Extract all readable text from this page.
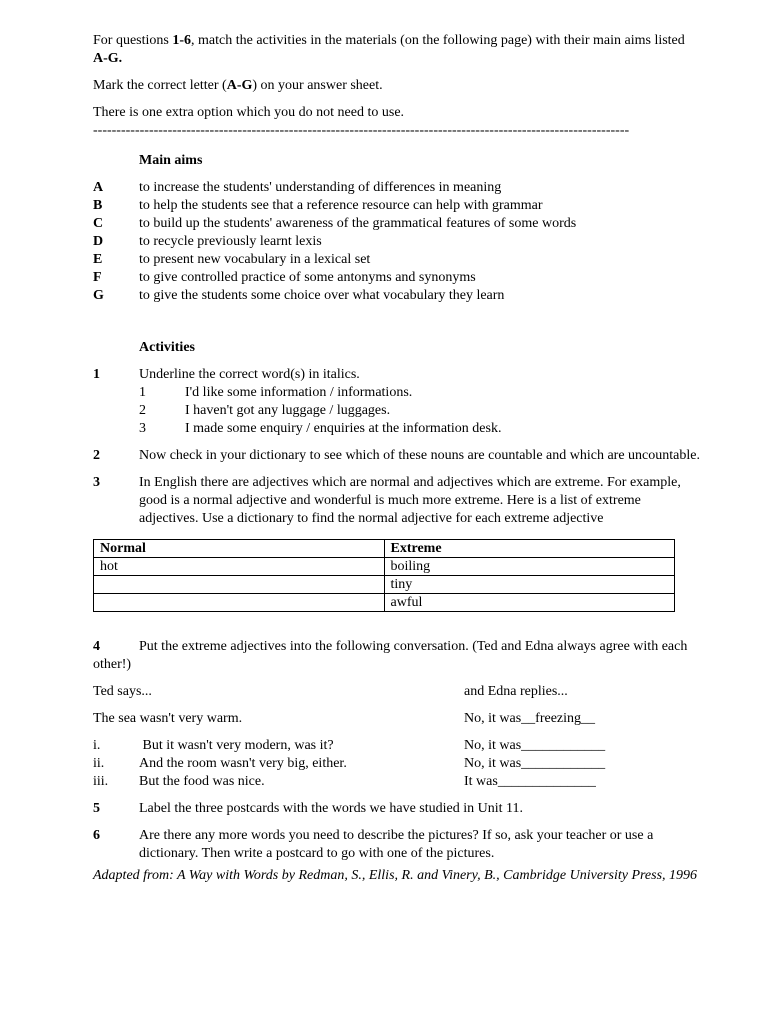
For questions 1-6, match the activities in the materials (on the following page) with their main aims listed A-G.

Mark the correct letter (A-G) on your answer sheet.

There is one extra option which you do not need to use.

-------------------------------------------------------------------------------------------------------------------

Main aims

A	to increase the students' understanding of differences in meaning
B	to help the students see that a reference resource can help with grammar
C	to build up the students' awareness of the grammatical features of some words
D	to recycle previously learnt lexis
E	to present new vocabulary in a lexical set
F	to give controlled practice of some antonyms and synonyms
G	to give the students some choice over what vocabulary they learn

Activities

1	Underline the correct word(s) in italics.

1	I'd like some information / informations.
2	I haven't got any luggage / luggages.
3	I made some enquiry / enquiries at the information desk.
2	Now check in your dictionary to see which of these nouns are countable and which are uncountable.

3	In English there are adjectives which are normal and adjectives which are extreme. For example, good is a normal adjective and wonderful is much more extreme. Here is a list of extreme adjectives. Use a dictionary to find the normal adjective for each extreme adjective

Normal	Extreme
hot	boiling
	tiny
	awful

4	Put the extreme adjectives into the following conversation. (Ted and Edna always agree with each other!)

Ted says...	and Edna replies...
The sea wasn't very warm.	No, it was__freezing__
i.	But it wasn't very modern, was it?	No, it was____________
ii.	And the room wasn't very big, either.	No, it was____________
iii.	But the food was nice.	It was______________
5	Label the three postcards with the words we have studied in Unit 11.

6	Are there any more words you need to describe the pictures? If so, ask your teacher or use a dictionary. Then write a postcard to go with one of the pictures.

Adapted from: A Way with Words by Redman, S., Ellis, R. and Vinery, B., Cambridge University Press, 1996
